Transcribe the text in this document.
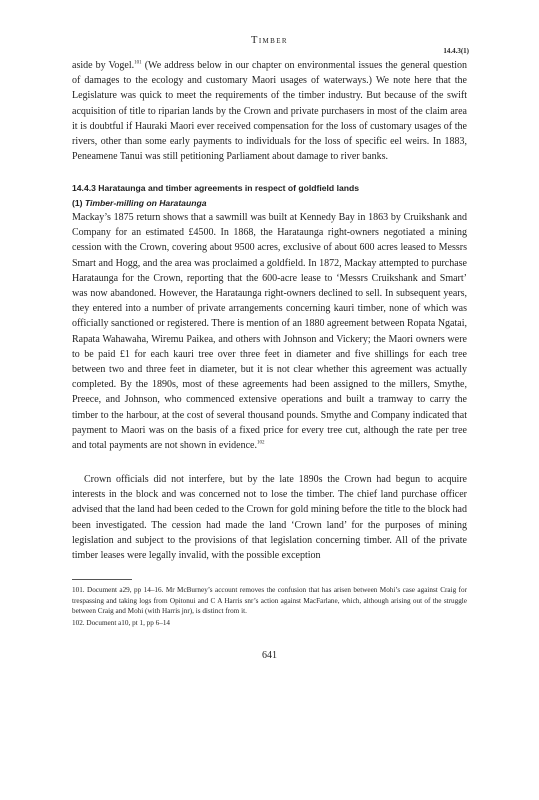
Timber
14.4.3(1)

aside by Vogel.$^{101}$ (We address below in our chapter on environmental issues the general question of damages to the ecology and customary Maori usages of waterways.) We note here that the Legislature was quick to meet the requirements of the timber industry. But because of the swift acquisition of title to riparian lands by the Crown and private purchasers in most of the claim area it is doubtful if Hauraki Maori ever received compensation for the loss of customary usages of the rivers, other than some early payments to individuals for the loss of specific eel weirs. In 1883, Peneamene Tanui was still petitioning Parliament about damage to river banks.

14.4.3 Harataunga and timber agreements in respect of goldfield lands
(1) Timber-milling on Harataunga

Mackay’s 1875 return shows that a sawmill was built at Kennedy Bay in 1863 by Cruikshank and Company for an estimated £4500. In 1868, the Harataunga right-owners negotiated a mining cession with the Crown, covering about 9500 acres, exclusive of about 600 acres leased to Messrs Smart and Hogg, and the area was proclaimed a goldfield. In 1872, Mackay attempted to purchase Harataunga for the Crown, reporting that the 600-acre lease to ‘Messrs Cruikshank and Smart’ was now abandoned. However, the Harataunga right-owners declined to sell. In subsequent years, they entered into a number of private arrangements concerning kauri timber, none of which was officially sanctioned or registered. There is mention of an 1880 agreement between Ropata Ngatai, Rapata Wahawaha, Wiremu Paikea, and others with Johnson and Vickery; the Maori owners were to be paid £1 for each kauri tree over three feet in diameter and five shillings for each tree between two and three feet in diameter, but it is not clear whether this agreement was actually completed. By the 1890s, most of these agreements had been assigned to the millers, Smythe, Preece, and Johnson, who commenced extensive operations and built a tramway to carry the timber to the harbour, at the cost of several thousand pounds. Smythe and Company indicated that payment to Maori was on the basis of a fixed price for every tree cut, although the rate per tree and total payments are not shown in evidence.$^{102}$

Crown officials did not interfere, but by the late 1890s the Crown had begun to acquire interests in the block and was concerned not to lose the timber. The chief land purchase officer advised that the land had been ceded to the Crown for gold mining before the title to the block had been investigated. The cession had made the land ‘Crown land’ for the purposes of mining legislation and subject to the provisions of that legislation concerning timber. All of the private timber leases were legally invalid, with the possible exception

101. Document a29, pp 14–16. Mr McBurney’s account removes the confusion that has arisen between Mohi’s case against Craig for trespassing and taking logs from Opitonui and C A Harris snr’s action against MacFarlane, which, although arising out of the struggle between Craig and Mohi (with Harris jnr), is distinct from it.

102. Document a10, pt 1, pp 6–14

641
